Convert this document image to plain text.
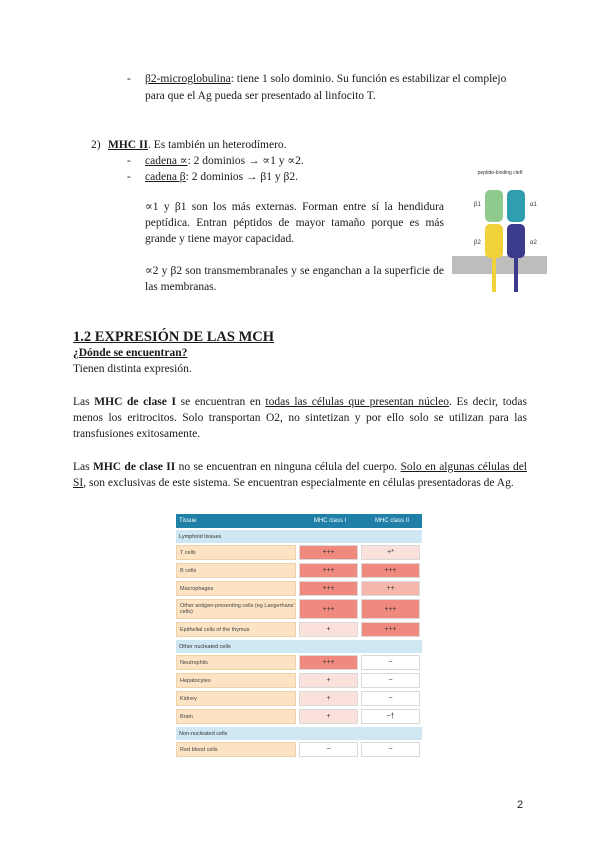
- β2-microglobulina: tiene 1 solo dominio. Su función es estabilizar el complejo
para que el Ag pueda ser presentado al linfocito T.
2) MHC II. Es también un heterodímero.
- cadena ∝: 2 dominios → ∝1 y ∝2.
- cadena β: 2 dominios → β1 y β2.
∝1 y β1 son los más externas. Forman entre sí la hendidura peptídica. Entran péptidos de mayor tamaño porque es más grande y tiene mayor capacidad.
∝2 y β2 son transmembranales y se enganchan a la superficie de las membranas.
peptide-binding cleft
β1	α1
β2	α2
1.2 EXPRESIÓN DE LAS MCH
¿Dónde se encuentran?
Tienen distinta expresión.
Las MHC de clase I se encuentran en todas las células que presentan núcleo. Es decir, todas menos los eritrocitos. Solo transportan O2, no sintetizan y por ello solo se utilizan para las transfusiones exitosamente.
Las MHC de clase II no se encuentran en ninguna célula del cuerpo. Solo en algunas células del SI, son exclusivas de este sistema. Se encuentran especialmente en células presentadoras de Ag.
Tissue	MHC class I	MHC class II
Lymphoid tissues
T cells	+++	+*
B cells	+++	+++
Macrophages	+++	++
Other antigen-presenting cells (eg Langerhans' cells)	+++	+++
Epithelial cells of the thymus	+	+++
Other nucleated cells
Neutrophils	+++	−
Hepatocytes	+	−
Kidney	+	−
Brain	+	−†
Non-nucleated cells
Red blood cells	−	−
2
